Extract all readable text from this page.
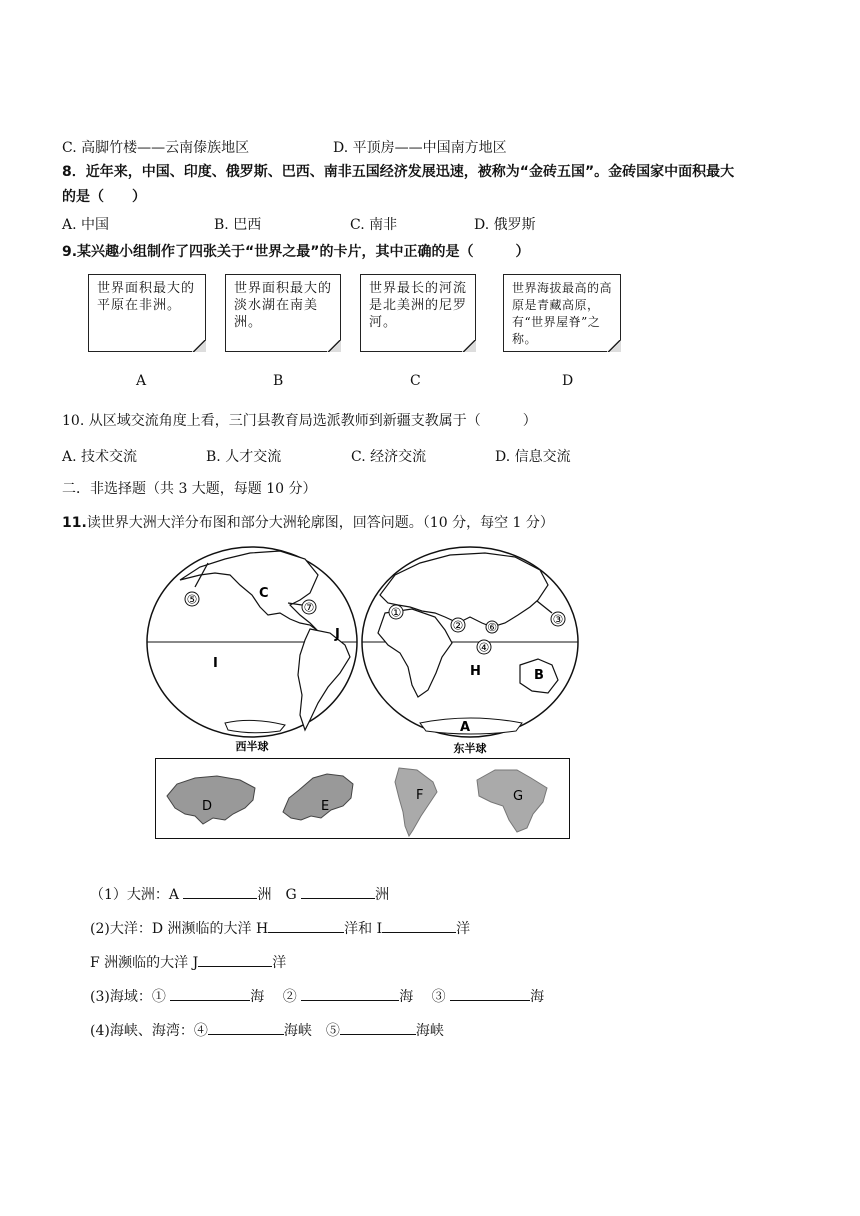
C. 高脚竹楼——云南傣族地区	D. 平顶房——中国南方地区
8．近年来，中国、印度、俄罗斯、巴西、南非五国经济发展迅速，被称为“金砖五国”。金砖国家中面积最大
的是（　　）
A. 中国	B. 巴西	C. 南非	D. 俄罗斯
9.某兴趣小组制作了四张关于“世界之最”的卡片，其中正确的是（　　　）
世界面积最大的平原在非洲。
世界面积最大的淡水湖在南美洲。
世界最长的河流是北美洲的尼罗河。
世界海拔最高的高原是青藏高原，有“世界屋脊”之称。
A	B	C	D
10. 从区域交流角度上看，三门县教育局选派教师到新疆支教属于（　　　）
A. 技术交流	B. 人才交流	C. 经济交流	D. 信息交流
二．非选择题（共 3 大题，每题 10 分）
11.读世界大洲大洋分布图和部分大洲轮廓图，回答问题。（10 分，每空 1 分）
⑤	C
⑦
J
I
西半球
①
② ⑥
④
③
H	B
A
东半球
D	E
F	G
（1）大洲：A	洲　G	洲
(2)大洋：D 洲濒临的大洋 H	洋和 I	洋
F 洲濒临的大洋 J	洋
(3)海域：①	海　 ②	海　 ③	海
(4)海峡、海湾：④	海峡　⑤	海峡
